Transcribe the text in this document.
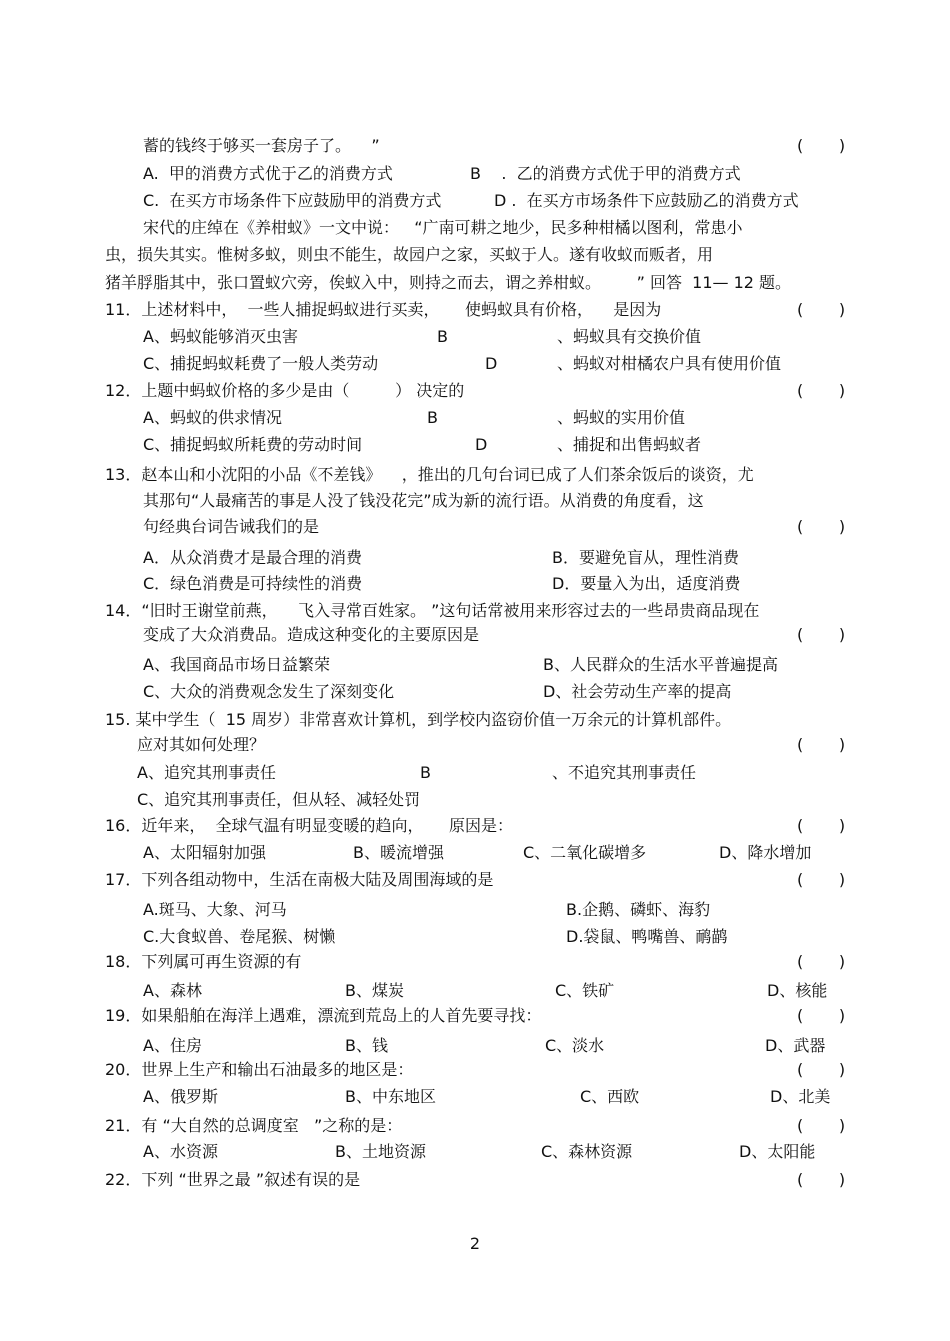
蓄的钱终于够买一套房子了。    ”	(       )
A.  甲的消费方式优于乙的消费方式	B    .  乙的消费方式优于甲的消费方式
C.  在买方市场条件下应鼓励甲的消费方式	D .  在买方市场条件下应鼓励乙的消费方式
宋代的庄绰在《养柑蚁》一文中说：   “广南可耕之地少，民多种柑橘以图利，常患小
虫，损失其实。惟树多蚁，则虫不能生，故园户之家，买蚁于人。遂有收蚁而贩者，用
猪羊脬脂其中，张口置蚁穴旁，俟蚁入中，则持之而去，谓之养柑蚁。       ” 回答  11— 12 题。
11．上述材料中，  一些人捕捉蚂蚁进行买卖，     使蚂蚁具有价格，    是因为	(       )
A、蚂蚁能够消灭虫害	B	、蚂蚁具有交换价值
C、捕捉蚂蚁耗费了一般人类劳动	D	、蚂蚁对柑橘农户具有使用价值
12．上题中蚂蚁价格的多少是由（         ） 决定的	(       )
A、蚂蚁的供求情况	B	、蚂蚁的实用价值
C、捕捉蚂蚁所耗费的劳动时间	D	、捕捉和出售蚂蚁者
13．赵本山和小沈阳的小品《不差钱》    ，推出的几句台词已成了人们茶余饭后的谈资，尤
其那句“人最痛苦的事是人没了钱没花完”成为新的流行语。从消费的角度看，这
句经典台词告诫我们的是	(       )
A．从众消费才是最合理的消费	B．要避免盲从，理性消费
C．绿色消费是可持续性的消费	D．要量入为出，适度消费
14．“旧时王谢堂前燕，    飞入寻常百姓家。 ”这句话常被用来形容过去的一些昂贵商品现在
变成了大众消费品。造成这种变化的主要原因是	(       )
A、我国商品市场日益繁荣	B、人民群众的生活水平普遍提高
C、大众的消费观念发生了深刻变化	D、社会劳动生产率的提高
15. 某中学生（  15 周岁）非常喜欢计算机，到学校内盗窃价值一万余元的计算机部件。
应对其如何处理？	(       )
A、追究其刑事责任	B	、不追究其刑事责任
C、追究其刑事责任，但从轻、减轻处罚
16．近年来，  全球气温有明显变暖的趋向，     原因是：	(       )
A、太阳辐射加强	B、暖流增强	C、二氧化碳增多	D、降水增加
17．下列各组动物中，生活在南极大陆及周围海域的是	(       )
A.斑马、大象、河马	B.企鹅、磷虾、海豹
C.大食蚁兽、卷尾猴、树懒	D.袋鼠、鸭嘴兽、鸸鹋
18．下列属可再生资源的有	(       )
A、森林	B、煤炭	C、铁矿	D、核能
19．如果船舶在海洋上遇难，漂流到荒岛上的人首先要寻找：	(       )
A、住房	B、钱	C、淡水	D、武器
20．世界上生产和输出石油最多的地区是：	(       )
A、俄罗斯	B、中东地区	C、西欧	D、北美
21．有 “大自然的总调度室   ”之称的是：	(       )
A、水资源	B、土地资源	C、森林资源	D、太阳能
22．下列 “世界之最 ”叙述有误的是	(       )
2
